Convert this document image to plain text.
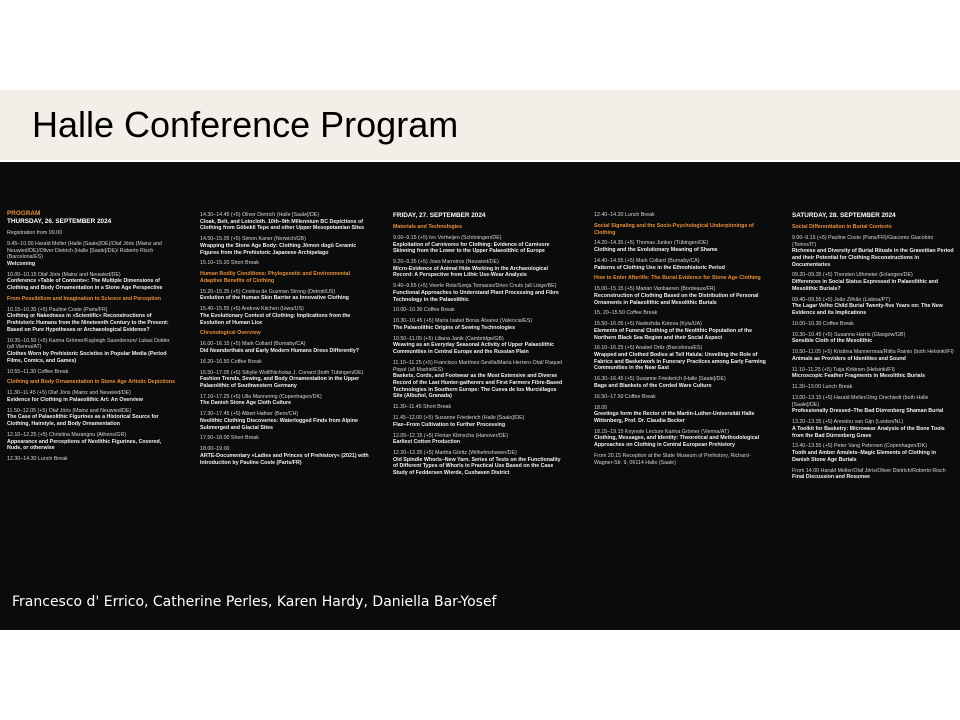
Halle Conference Program
PROGRAM
THURSDAY, 26. SEPTEMBER 2024
Registration from 09.00
9.45–10.00 Harald Meller (Halle [Saale]/DE)/Olaf Jöris (Mainz and Neuwied/DE)/Oliver Dietrich (Halle [Saale]/DE)/ Roberto Risch (Barcelona/ES)
Welcoming
10.00–10.15 Olaf Jöris (Mainz and Neuwied/DE)
Conference »Table of Contents«: The Multiple Dimensions of Clothing and Body Ornamentation in a Stone Age Perspective
From Possibilism and Imagination to Science and Perception
10.15–10.30 (+5) Pauline Coste (Paris/FR)
Clothing or Nakedness in »Scientific« Reconstructions of Prehistoric Humans from the Nineteenth Century to the Present: Based on Pure Hypotheses or Archaeological Evidence?
10.35–10.50 (+5) Karina Grömer/Kayleigh Saunderson/ Lukas Dolder (all Vienna/AT)
Clothes Worn by Prehistoric Societies in Popular Media (Period Films, Comics, and Games)
10.55–11.30 Coffee Break
Clothing and Body Ornamentation in Stone Age Artistic Depictions
11.30–11.45 (+5) Olaf Jöris (Mainz and Neuwied/DE)
Evidence for Clothing in Palaeolithic Art: An Overview
11.50–12.05 (+5) Olaf Jöris (Mainz and Neuwied/DE)
The Case of Palaeolithic Figurines as a Historical Source for Clothing, Hairstyle, and Body Ornamentation
12.10–12.25 (+5) Christina Marangou (Athens/GR)
Appearance and Perceptions of Neolithic Figurines, Covered, Nude, or otherwise
12.30–14.30 Lunch Break
14.30–14.45 (+5) Oliver Dietrich (Halle [Saale]/DE)
Cloak, Belt, and Loincloth. 10th–9th Millennium BC Depictions of Clothing from Göbekli Tepe and other Upper Mesopotamian Sites
14.50–15.05 (+5) Simon Kaner (Norwich/GB)
Wrapping the Stone Age Body: Clothing Jōmon dogū Ceramic Figures from the Prehistoric Japanese Archipelago
15.10–15.20 Short Break
Human Bodily Conditions: Phylogenetic and Environmental Adaptive Benefits of Clothing
15.20–15.35 (+5) Cristina de Guzman Strong (Detroit/US)
Evolution of the Human Skin Barrier as Innovative Clothing
15.40–15.55 (+5) Andrew Kitchen (Iowa/US)
The Evolutionary Context of Clothing: Implications from the Evolution of Human Lice
Chronological Overview
16.00–16.15 (+5) Mark Collard (Burnaby/CA)
Did Neanderthals and Early Modern Humans Dress Differently?
16.20–16.50 Coffee Break
16.50–17.05 (+5) Sibylle Wolf/Nicholas J. Conard (both Tübingen/DE)
Fashion Trends, Sewing, and Body Ornamentation in the Upper Palaeolithic of Southwestern Germany
17.10–17.25 (+5) Ulla Mannering (Copenhagen/DK)
The Danish Stone Age Cloth Culture
17.30–17.45 (+5) Albert Hafner (Bern/CH)
Neolithic Clothing Discoveries: Waterlogged Finds from Alpine Submerged and Glacial Sites
17.50–18.00 Short Break
18.00–19.00
ARTE-Documentary »Ladies and Princes of Prehistory« (2021) with Introduction by Pauline Coste (Paris/FR)
FRIDAY, 27. SEPTEMBER 2024
Materials and Technologies
9.00–9.15 (+5) Ivo Verheijen (Schöningen/DE)
Exploitation of Carnivores for Clothing: Evidence of Carnivore Skinning from the Lower to the Upper Palaeolithic of Europe
9.20–9.35 (+5) Joao Marreiros (Neuwied/DE)
Micro-Evidence of Animal Hide Working in the Archaeological Record: A Perspective from Lithic Use-Wear Analysis
9.40–9.55 (+5) Veerle Rots/Sonja Tomasso/Dries Cnuts (all Liège/BE)
Functional Approaches to Understand Plant Processing and Fibre Technology in the Palaeolithic
10.00–10.30 Coffee Break
10.30–10.45 (+5) María Isabel Boras Álvarez (Valencia/ES)
The Palaeolithic Origins of Sewing Technologies
10.50–11.05 (+5) Liliana Janik (Cambridge/GB)
Weaving as an Everyday Seasonal Activity of Upper Palaeolithic Communities in Central Europe and the Russian Plain
11.10–11.25 (+5) Francisco Martínez-Sevilla/María Herrero Otal/ Raquel Piqué (all Madrid/ES)
Baskets, Cords, and Footwear as the Most Extensive and Diverse Record of the Last Hunter-gatherers and First Farmers Fibre-Based Technologies in Southern Europe: The Cueva de los Murciélagos Site (Albuñol, Granada)
11.30–11.45 Short Break
11.45–12.00 (+5) Susanne Friederich (Halle [Saale]/DE)
Flax–From Cultivation to Further Processing
12.05–12.15 (+5) Florian Klimscha (Hanover/DE)
Earliest Cotton Production
12.20–12.35 (+5) Martha Göritz (Wilhelmshaven/DE)
Old Spindle Whorls–New Yarn. Series of Tests on the Functionality of Different Types of Whorls in Practical Use Based on the Case Study of Feddersen Wierde, Cuxhaven District
12.40–14.20 Lunch Break
Social Signaling and the Socio-Psychological Underpinnings of Clothing
14.20–14.35 (+5) Thomas Junker (Tübingen/DE)
Clothing and the Evolutionary Meaning of Shame
14.40–14.55 (+5) Mark Collard (Burnaby/CA)
Patterns of Clothing Use in the Ethnohistoric Period
How to Enter Afterlife: The Burial Evidence for Stone Age Clothing
15.00–15.15 (+5) Marian Vanhaeren (Bordeaux/FR)
Reconstruction of Clothing Based on the Distribution of Personal Ornaments in Palaeolithic and Mesolithic Burials
15. 20–15.50 Coffee Break
15.50–16.05 (+5) Nadezhda Kotova (Kyiv/UA)
Elements of Funeral Clothing of the Neolithic Population of the Northern Black Sea Region and their Social Aspect
16.10–16.25 (+5) Anabel Ortiz (Barcelona/ES)
Wrapped and Clothed Bodies at Tell Halula: Unveiling the Role of Fabrics and Basketwork in Funerary Practices among Early Farming Communities in the Near East
16.30–16.45 (+5) Susanne Friederich (Halle [Saale]/DE)
Bags and Blankets of the Corded Ware Culture
16.50–17.50 Coffee Break
18.00
Greetings form the Rector of the Martin-Luther-Universität Halle Wittenberg, Prof. Dr. Claudia Becker
18.15–19.15 Keynote Lecture Karina Grömer (Vienna/AT)
Clothing, Messages, and Identity: Theoretical and Methodological Approaches on Clothing in Central European Prehistory
From 20.15 Reception at the State Museum of Prehistory, Richard-Wagner-Str. 9, 06114 Halle (Saale)
SATURDAY, 28. SEPTEMBER 2024
Social Differentiation in Burial Contexts
9.00–9.15 (+5) Pauline Coste (Paris/FR)/Giacomo Giacobini (Torino/IT)
Richness and Diversity of Burial Rituals in the Gravettian Period and their Potential for Clothing Reconstructions in Documentaries
09.20–09.35 (+5) Thorsten Uthmeier (Erlangen/DE)
Differences in Social Status Expressed in Palaeolithic and Mesolithic Burials?
09.40–09.55 (+5) João Zilhão (Lisboa/PT)
The Lagar Velho Child Burial Twenty-five Years on: The New Evidence and its Implications
10.00–10.30 Coffee Break
10.30–10.45 (+5) Susanna Harris (Glasgow/GB)
Sensible Cloth of the Mesolithic
10.50–11.05 (+5) Kristiina Mannermaa/Riitta Rainio (both Helsinki/FI)
Animals as Providers of Identities and Sound
11.10–11.25 (+5) Tuija Kirkinen (Helsinki/FI)
Microscopic Feather Fragments in Mesolithic Burials
11.30–13.00 Lunch Break
13.00–13.15 (+5) Harald Meller/Jörg Orschiedt (both Halle [Saale]/DE)
Professionally Dressed–The Bad Dürrenberg Shaman Burial
13.20–13.35 (+5) Annelou van Gijn (Leiden/NL)
A Toolkit for Basketry: Microwear Analysis of the Bone Tools from the Bad Dürrenberg Grave
13.40–13.55 (+5) Peter Vang Petersen (Copenhagen/DK)
Tooth and Amber Amulets–Magic Elements of Clothing in Danish Stone Age Burials
From 14.00 Harald Meller/Olaf Jöris/Oliver Dietrich/Roberto Risch
Final Discussion and Resumee
Francesco d' Errico, Catherine Perles, Karen Hardy, Daniella Bar-Yosef
